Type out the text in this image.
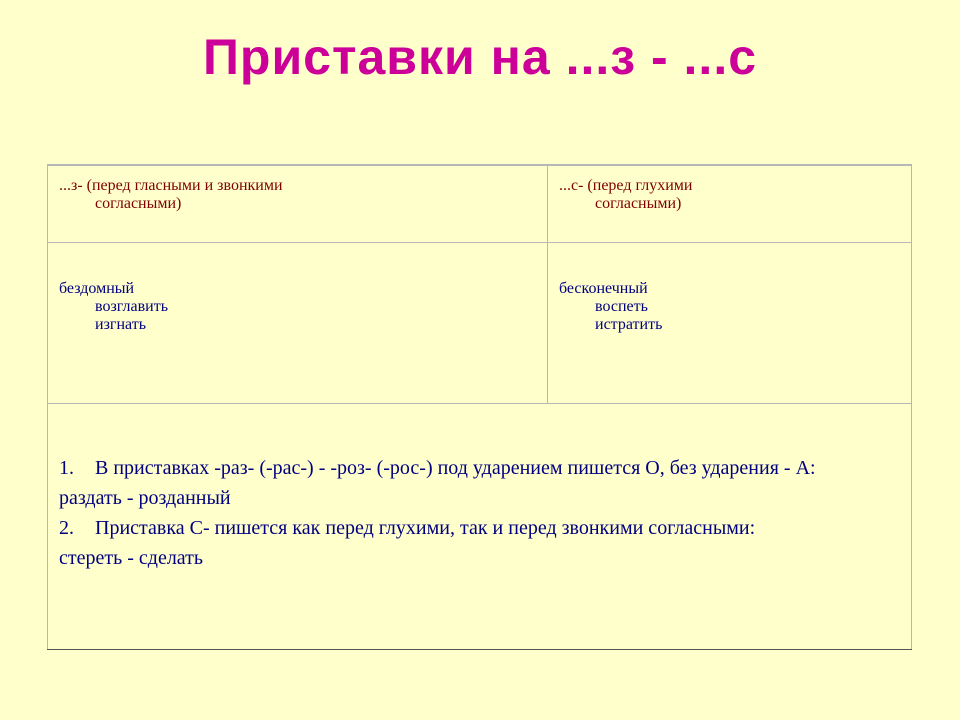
Приставки на ...з - ...с
...з- (перед гласными и звонкими
согласными)
...с- (перед глухими
согласными)
бездомный
возглавить
изгнать
бесконечный
воспеть
истратить
1. В приставках -раз- (-рас-) - -роз- (-рос-) под ударением пишется О, без ударения - А:
раздать - розданный
2. Приставка С- пишется как перед глухими, так и перед звонкими согласными:
стереть - сделать
